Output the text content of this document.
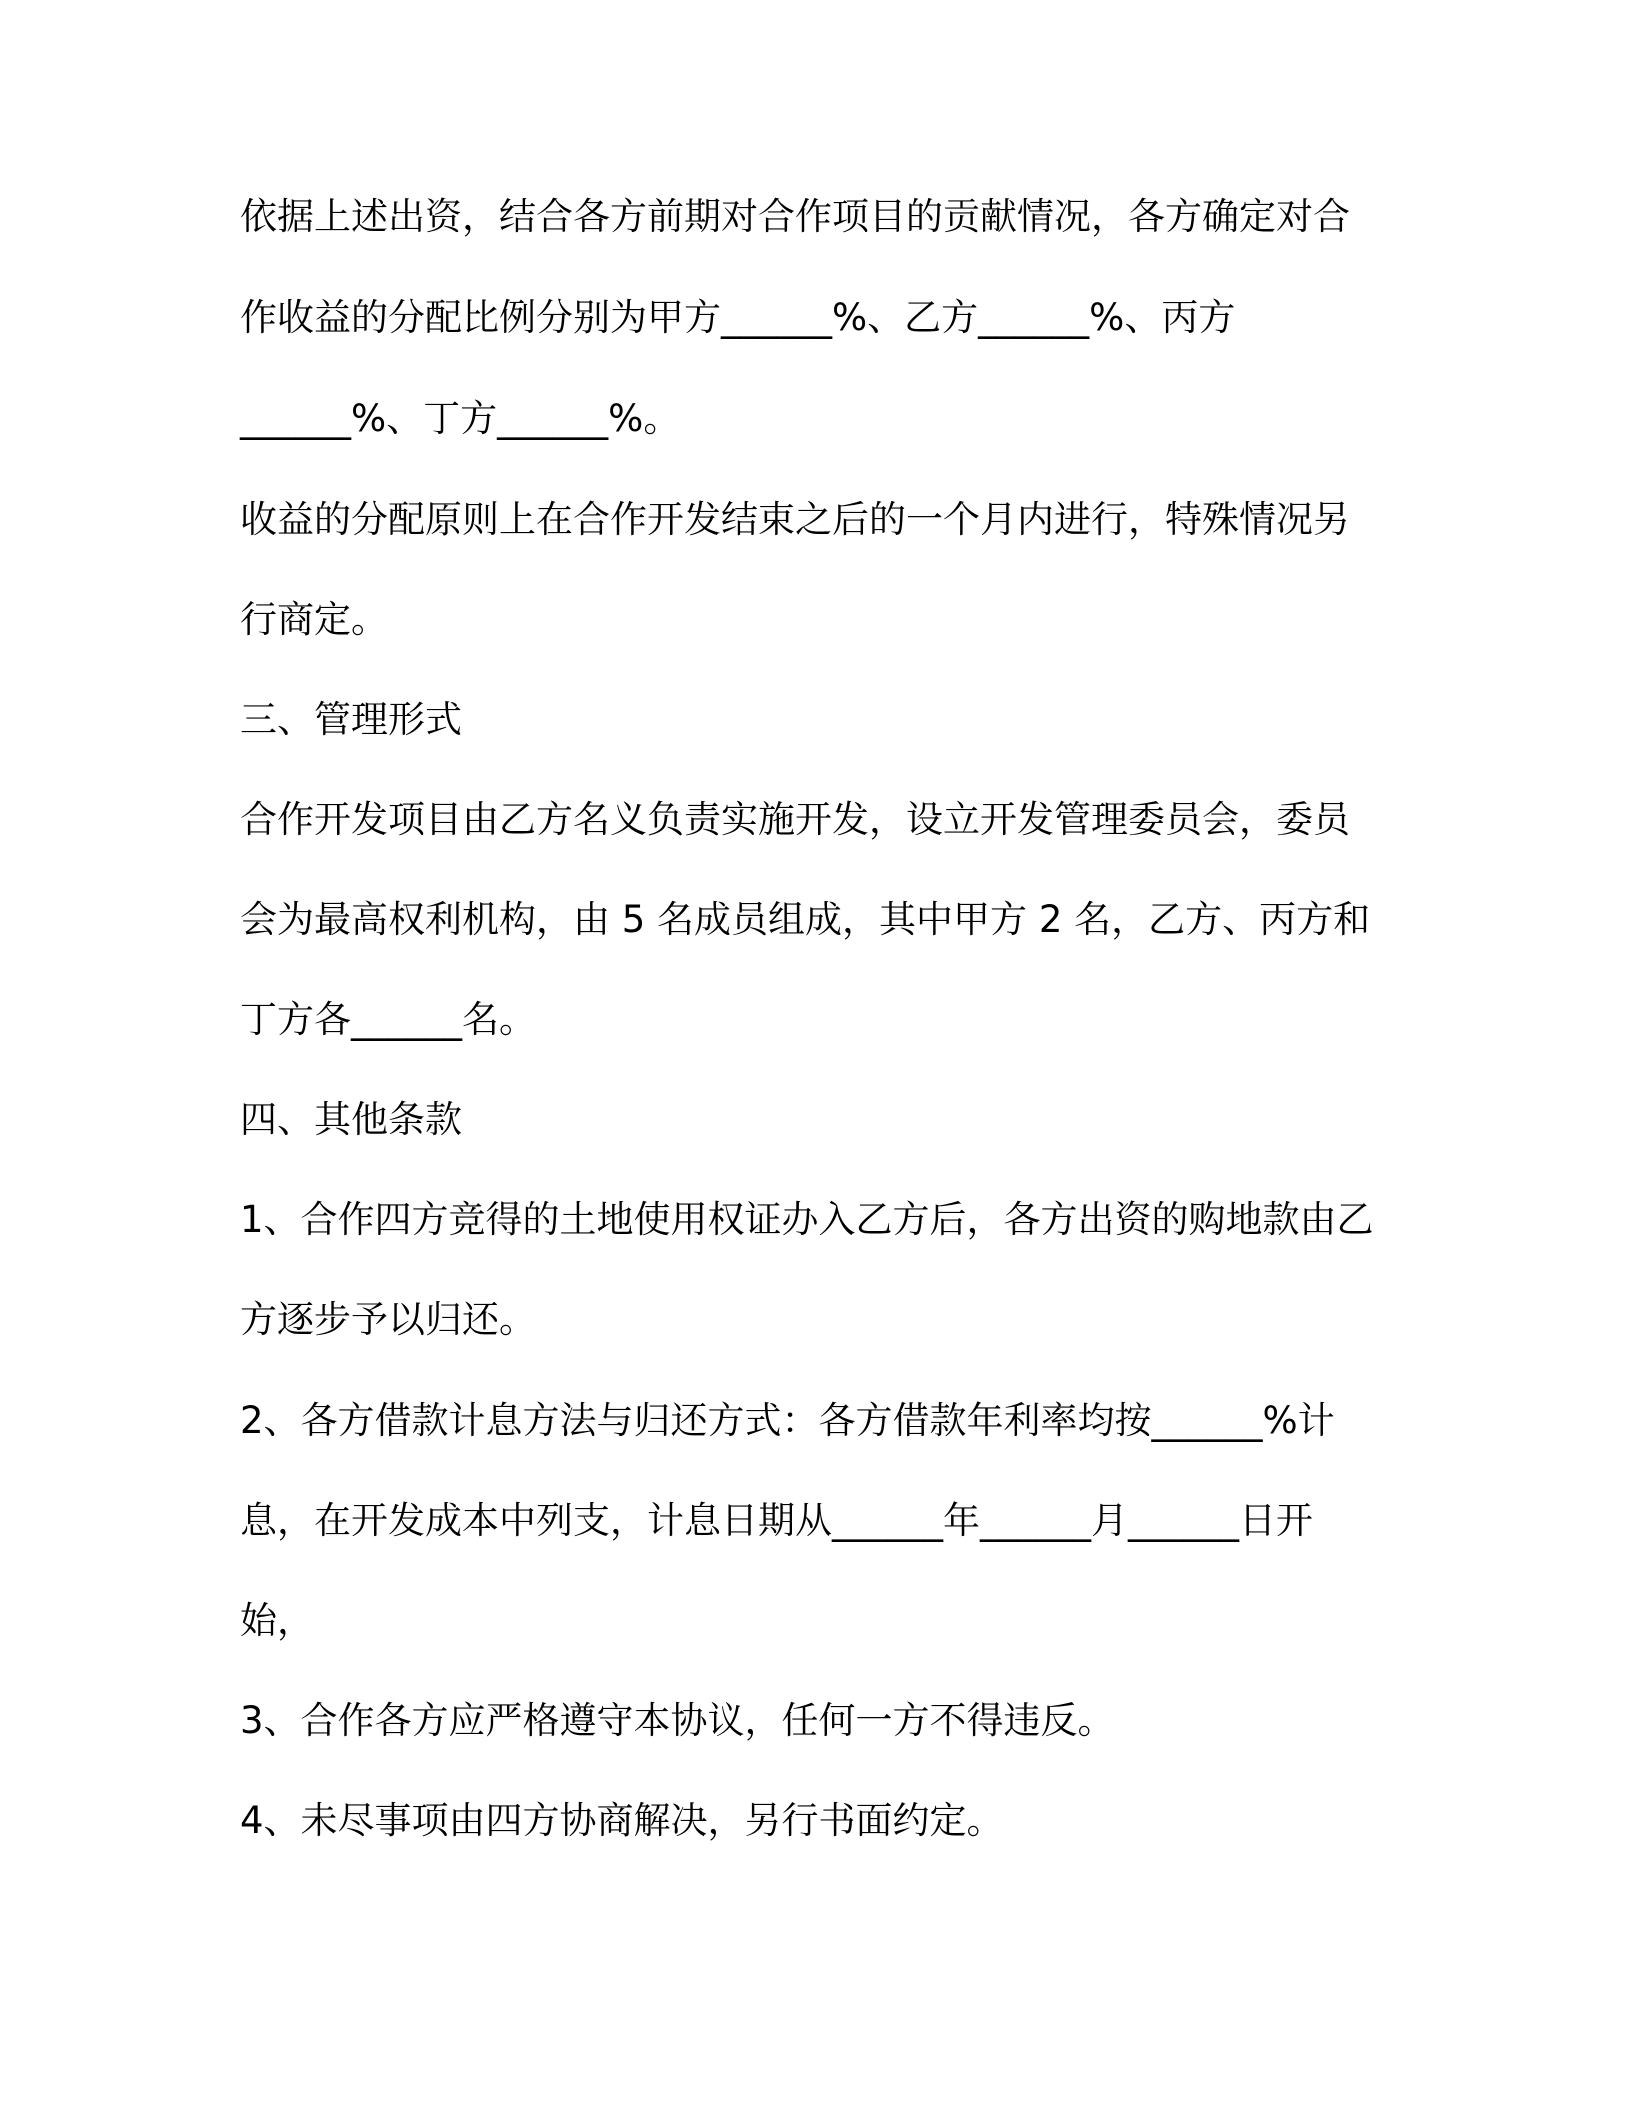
依据上述出资，结合各方前期对合作项目的贡献情况，各方确定对合
作收益的分配比例分别为甲方______%、乙方______%、丙方
______%、丁方______%。
收益的分配原则上在合作开发结束之后的一个月内进行，特殊情况另
行商定。
三、管理形式
合作开发项目由乙方名义负责实施开发，设立开发管理委员会，委员
会为最高权利机构，由 5 名成员组成，其中甲方 2 名，乙方、丙方和
丁方各______名。
四、其他条款
1、合作四方竞得的土地使用权证办入乙方后，各方出资的购地款由乙
方逐步予以归还。
2、各方借款计息方法与归还方式：各方借款年利率均按______%计
息，在开发成本中列支，计息日期从______年______月______日开
始，
3、合作各方应严格遵守本协议，任何一方不得违反。
4、未尽事项由四方协商解决，另行书面约定。
